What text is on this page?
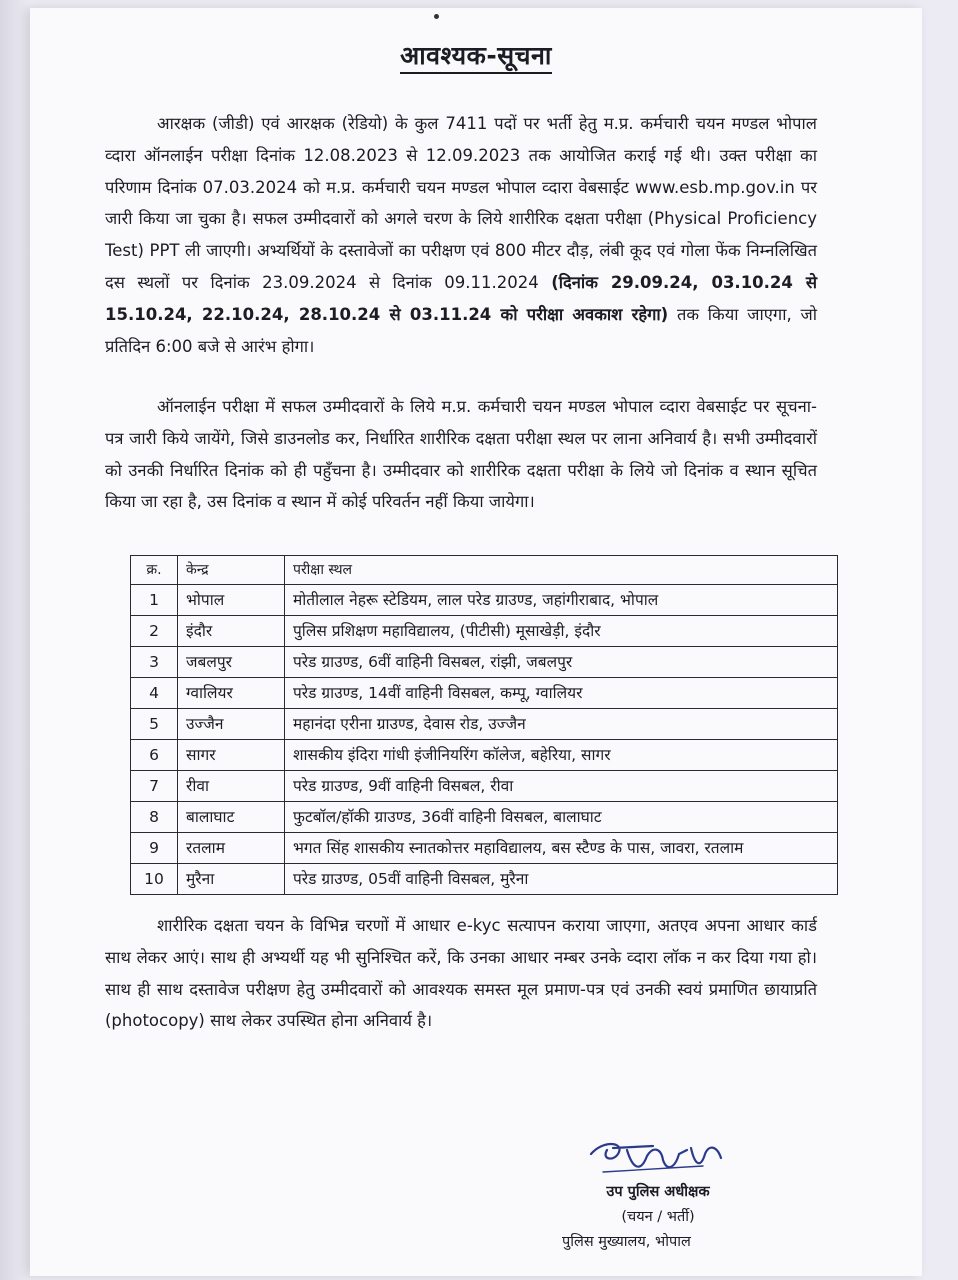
आवश्यक-सूचना

आरक्षक (जीडी) एवं आरक्षक (रेडियो) के कुल 7411 पदों पर भर्ती हेतु म.प्र. कर्मचारी चयन मण्डल भोपाल व्दारा ऑनलाईन परीक्षा दिनांक 12.08.2023 से 12.09.2023 तक आयोजित कराई गई थी। उक्त परीक्षा का परिणाम दिनांक 07.03.2024 को म.प्र. कर्मचारी चयन मण्डल भोपाल व्दारा वेबसाईट www.esb.mp.gov.in पर जारी किया जा चुका है। सफल उम्मीदवारों को अगले चरण के लिये शारीरिक दक्षता परीक्षा (Physical Proficiency Test) PPT ली जाएगी। अभ्यर्थियों के दस्तावेजों का परीक्षण एवं 800 मीटर दौड़, लंबी कूद एवं गोला फेंक निम्नलिखित दस स्थलों पर दिनांक 23.09.2024 से दिनांक 09.11.2024 (दिनांक 29.09.24, 03.10.24 से 15.10.24, 22.10.24, 28.10.24 से 03.11.24 को परीक्षा अवकाश रहेगा) तक किया जाएगा, जो प्रतिदिन 6:00 बजे से आरंभ होगा।

ऑनलाईन परीक्षा में सफल उम्मीदवारों के लिये म.प्र. कर्मचारी चयन मण्डल भोपाल व्दारा वेबसाईट पर सूचना-पत्र जारी किये जायेंगे, जिसे डाउनलोड कर, निर्धारित शारीरिक दक्षता परीक्षा स्थल पर लाना अनिवार्य है। सभी उम्मीदवारों को उनकी निर्धारित दिनांक को ही पहुँचना है। उम्मीदवार को शारीरिक दक्षता परीक्षा के लिये जो दिनांक व स्थान सूचित किया जा रहा है, उस दिनांक व स्थान में कोई परिवर्तन नहीं किया जायेगा।

क्र.	केन्द्र	परीक्षा स्थल
1	भोपाल	मोतीलाल नेहरू स्टेडियम, लाल परेड ग्राउण्ड, जहांगीराबाद, भोपाल
2	इंदौर	पुलिस प्रशिक्षण महाविद्यालय, (पीटीसी) मूसाखेड़ी, इंदौर
3	जबलपुर	परेड ग्राउण्ड, 6वीं वाहिनी विसबल, रांझी, जबलपुर
4	ग्वालियर	परेड ग्राउण्ड, 14वीं वाहिनी विसबल, कम्पू, ग्वालियर
5	उज्जैन	महानंदा एरीना ग्राउण्ड, देवास रोड, उज्जैन
6	सागर	शासकीय इंदिरा गांधी इंजीनियरिंग कॉलेज, बहेरिया, सागर
7	रीवा	परेड ग्राउण्ड, 9वीं वाहिनी विसबल, रीवा
8	बालाघाट	फुटबॉल/हॉकी ग्राउण्ड, 36वीं वाहिनी विसबल, बालाघाट
9	रतलाम	भगत सिंह शासकीय स्नातकोत्तर महाविद्यालय, बस स्टैण्ड के पास, जावरा, रतलाम
10	मुरैना	परेड ग्राउण्ड, 05वीं वाहिनी विसबल, मुरैना

शारीरिक दक्षता चयन के विभिन्न चरणों में आधार e-kyc सत्यापन कराया जाएगा, अतएव अपना आधार कार्ड साथ लेकर आएं। साथ ही अभ्यर्थी यह भी सुनिश्चित करें, कि उनका आधार नम्बर उनके व्दारा लॉक न कर दिया गया हो। साथ ही साथ दस्तावेज परीक्षण हेतु उम्मीदवारों को आवश्यक समस्त मूल प्रमाण-पत्र एवं उनकी स्वयं प्रमाणित छायाप्रति (photocopy) साथ लेकर उपस्थित होना अनिवार्य है।

उप पुलिस अधीक्षक
(चयन / भर्ती)
पुलिस मुख्यालय, भोपाल
